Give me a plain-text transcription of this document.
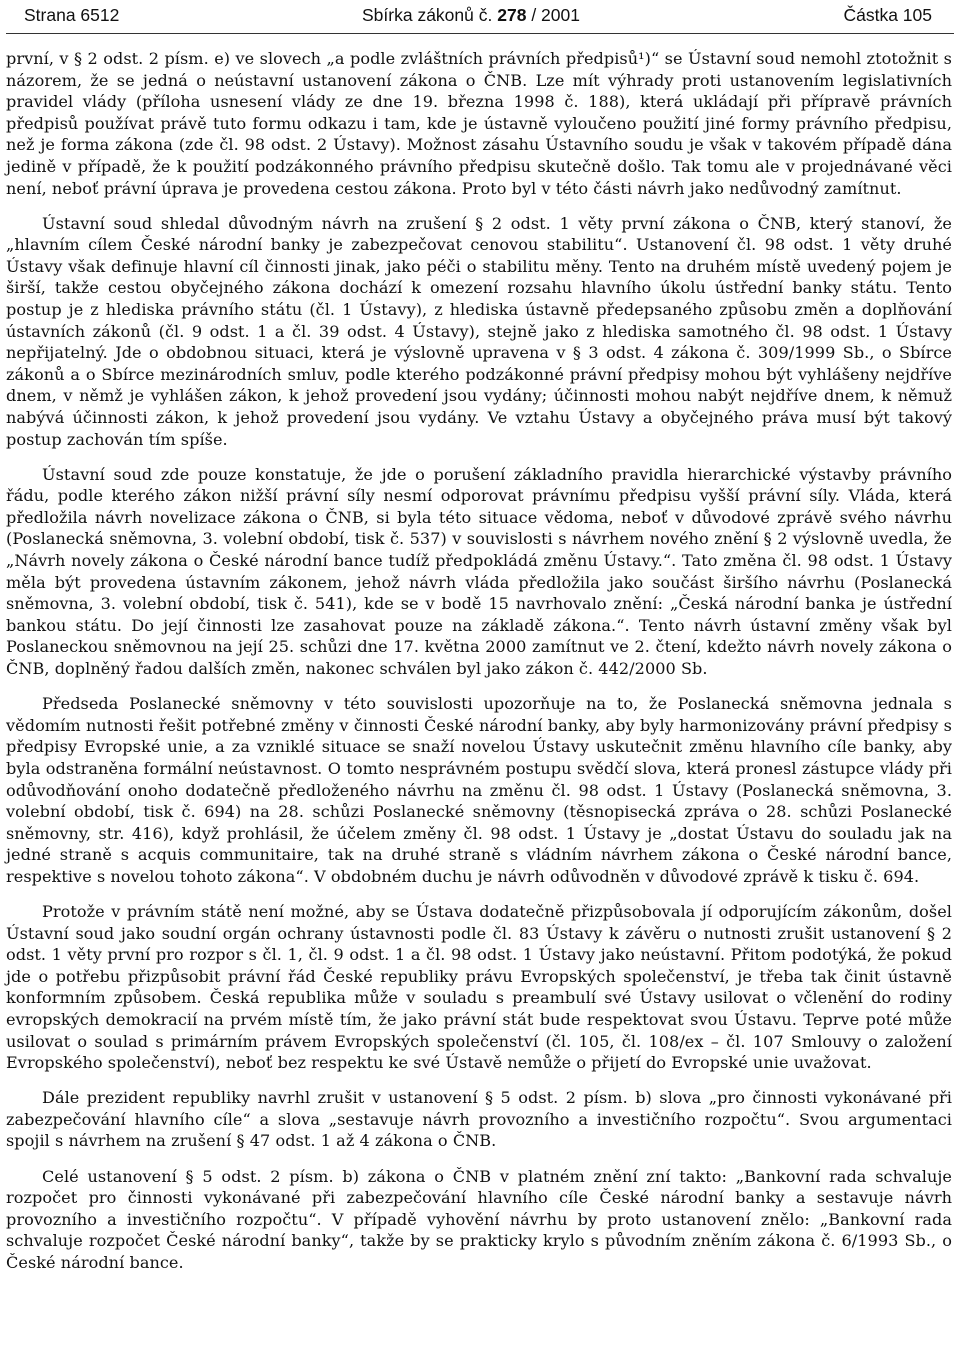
Strana 6512	Sbírka zákonů č. 278 / 2001	Částka 105

první, v § 2 odst. 2 písm. e) ve slovech „a podle zvláštních právních předpisů¹)“ se Ústavní soud nemohl ztotožnit s názorem, že se jedná o neústavní ustanovení zákona o ČNB. Lze mít výhrady proti ustanovením legislativních pravidel vlády (příloha usnesení vlády ze dne 19. března 1998 č. 188), která ukládají při přípravě právních předpisů používat právě tuto formu odkazu i tam, kde je ústavně vyloučeno použití jiné formy právního předpisu, než je forma zákona (zde čl. 98 odst. 2 Ústavy). Možnost zásahu Ústavního soudu je však v takovém případě dána jedině v případě, že k použití podzákonného právního předpisu skutečně došlo. Tak tomu ale v projednávané věci není, neboť právní úprava je provedena cestou zákona. Proto byl v této části návrh jako nedůvodný zamítnut.

Ústavní soud shledal důvodným návrh na zrušení § 2 odst. 1 věty první zákona o ČNB, který stanoví, že „hlavním cílem České národní banky je zabezpečovat cenovou stabilitu“. Ustanovení čl. 98 odst. 1 věty druhé Ústavy však definuje hlavní cíl činnosti jinak, jako péči o stabilitu měny. Tento na druhém místě uvedený pojem je širší, takže cestou obyčejného zákona dochází k omezení rozsahu hlavního úkolu ústřední banky státu. Tento postup je z hlediska právního státu (čl. 1 Ústavy), z hlediska ústavně předepsaného způsobu změn a doplňování ústavních zákonů (čl. 9 odst. 1 a čl. 39 odst. 4 Ústavy), stejně jako z hlediska samotného čl. 98 odst. 1 Ústavy nepřijatelný. Jde o obdobnou situaci, která je výslovně upravena v § 3 odst. 4 zákona č. 309/1999 Sb., o Sbírce zákonů a o Sbírce mezinárodních smluv, podle kterého podzákonné právní předpisy mohou být vyhlášeny nejdříve dnem, v němž je vyhlášen zákon, k jehož provedení jsou vydány; účinnosti mohou nabýt nejdříve dnem, k němuž nabývá účinnosti zákon, k jehož provedení jsou vydány. Ve vztahu Ústavy a obyčejného práva musí být takový postup zachován tím spíše.

Ústavní soud zde pouze konstatuje, že jde o porušení základního pravidla hierarchické výstavby právního řádu, podle kterého zákon nižší právní síly nesmí odporovat právnímu předpisu vyšší právní síly. Vláda, která předložila návrh novelizace zákona o ČNB, si byla této situace vědoma, neboť v důvodové zprávě svého návrhu (Poslanecká sněmovna, 3. volební období, tisk č. 537) v souvislosti s návrhem nového znění § 2 výslovně uvedla, že „Návrh novely zákona o České národní bance tudíž předpokládá změnu Ústavy.“. Tato změna čl. 98 odst. 1 Ústavy měla být provedena ústavním zákonem, jehož návrh vláda předložila jako součást širšího návrhu (Poslanecká sněmovna, 3. volební období, tisk č. 541), kde se v bodě 15 navrhovalo znění: „Česká národní banka je ústřední bankou státu. Do její činnosti lze zasahovat pouze na základě zákona.“. Tento návrh ústavní změny však byl Poslaneckou sněmovnou na její 25. schůzi dne 17. května 2000 zamítnut ve 2. čtení, kdežto návrh novely zákona o ČNB, doplněný řadou dalších změn, nakonec schválen byl jako zákon č. 442/2000 Sb.

Předseda Poslanecké sněmovny v této souvislosti upozorňuje na to, že Poslanecká sněmovna jednala s vědomím nutnosti řešit potřebné změny v činnosti České národní banky, aby byly harmonizovány právní předpisy s předpisy Evropské unie, a za vzniklé situace se snaží novelou Ústavy uskutečnit změnu hlavního cíle banky, aby byla odstraněna formální neústavnost. O tomto nesprávném postupu svědčí slova, která pronesl zástupce vlády při odůvodňování onoho dodatečně předloženého návrhu na změnu čl. 98 odst. 1 Ústavy (Poslanecká sněmovna, 3. volební období, tisk č. 694) na 28. schůzi Poslanecké sněmovny (těsnopisecká zpráva o 28. schůzi Poslanecké sněmovny, str. 416), když prohlásil, že účelem změny čl. 98 odst. 1 Ústavy je „dostat Ústavu do souladu jak na jedné straně s acquis communitaire, tak na druhé straně s vládním návrhem zákona o České národní bance, respektive s novelou tohoto zákona“. V obdobném duchu je návrh odůvodněn v důvodové zprávě k tisku č. 694.

Protože v právním státě není možné, aby se Ústava dodatečně přizpůsobovala jí odporujícím zákonům, došel Ústavní soud jako soudní orgán ochrany ústavnosti podle čl. 83 Ústavy k závěru o nutnosti zrušit ustanovení § 2 odst. 1 věty první pro rozpor s čl. 1, čl. 9 odst. 1 a čl. 98 odst. 1 Ústavy jako neústavní. Přitom podotýká, že pokud jde o potřebu přizpůsobit právní řád České republiky právu Evropských společenství, je třeba tak činit ústavně konformním způsobem. Česká republika může v souladu s preambulí své Ústavy usilovat o včlenění do rodiny evropských demokracií na prvém místě tím, že jako právní stát bude respektovat svou Ústavu. Teprve poté může usilovat o soulad s primárním právem Evropských společenství (čl. 105, čl. 108/ex – čl. 107 Smlouvy o založení Evropského společenství), neboť bez respektu ke své Ústavě nemůže o přijetí do Evropské unie uvažovat.

Dále prezident republiky navrhl zrušit v ustanovení § 5 odst. 2 písm. b) slova „pro činnosti vykonávané při zabezpečování hlavního cíle“ a slova „sestavuje návrh provozního a investičního rozpočtu“. Svou argumentaci spojil s návrhem na zrušení § 47 odst. 1 až 4 zákona o ČNB.

Celé ustanovení § 5 odst. 2 písm. b) zákona o ČNB v platném znění zní takto: „Bankovní rada schvaluje rozpočet pro činnosti vykonávané při zabezpečování hlavního cíle České národní banky a sestavuje návrh provozního a investičního rozpočtu“. V případě vyhovění návrhu by proto ustanovení znělo: „Bankovní rada schvaluje rozpočet České národní banky“, takže by se prakticky krylo s původním zněním zákona č. 6/1993 Sb., o České národní bance.
